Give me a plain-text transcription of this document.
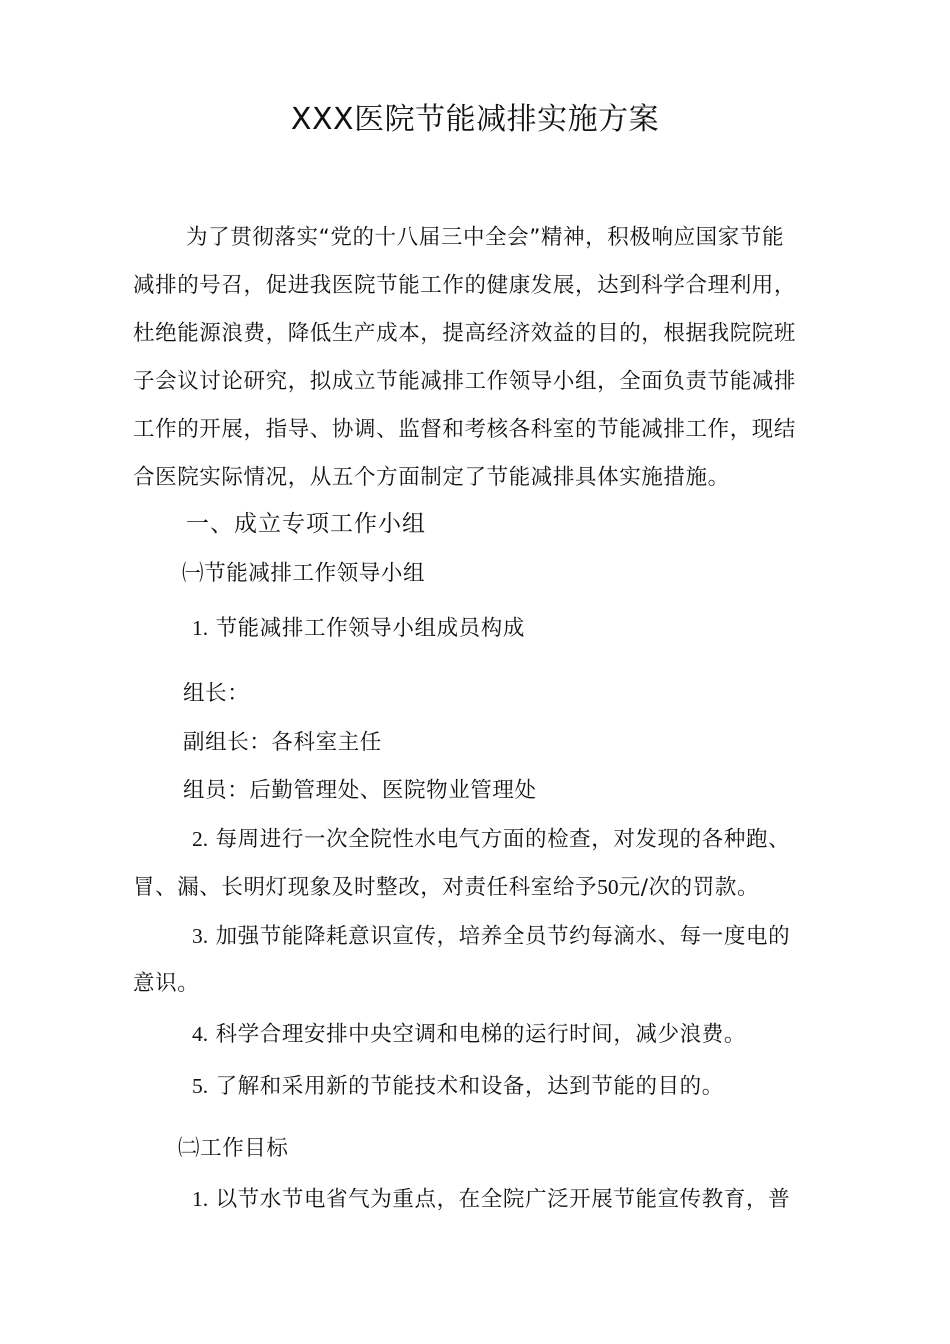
XXX医院节能减排实施方案
为了贯彻落实“党的十八届三中全会”精神，积极响应国家节能
减排的号召，促进我医院节能工作的健康发展，达到科学合理利用，
杜绝能源浪费，降低生产成本，提高经济效益的目的，根据我院院班
子会议讨论研究，拟成立节能减排工作领导小组，全面负责节能减排
工作的开展，指导、协调、监督和考核各科室的节能减排工作，现结
合医院实际情况，从五个方面制定了节能减排具体实施措施。
一、成立专项工作小组
㈠节能减排工作领导小组
1. 节能减排工作领导小组成员构成
组长：
副组长：各科室主任
组员：后勤管理处、医院物业管理处
2. 每周进行一次全院性水电气方面的检查，对发现的各种跑、
冒、漏、长明灯现象及时整改，对责任科室给予50元/次的罚款。
3. 加强节能降耗意识宣传，培养全员节约每滴水、每一度电的
意识。
4. 科学合理安排中央空调和电梯的运行时间，减少浪费。
5. 了解和采用新的节能技术和设备，达到节能的目的。
㈡工作目标
1. 以节水节电省气为重点，在全院广泛开展节能宣传教育，普
